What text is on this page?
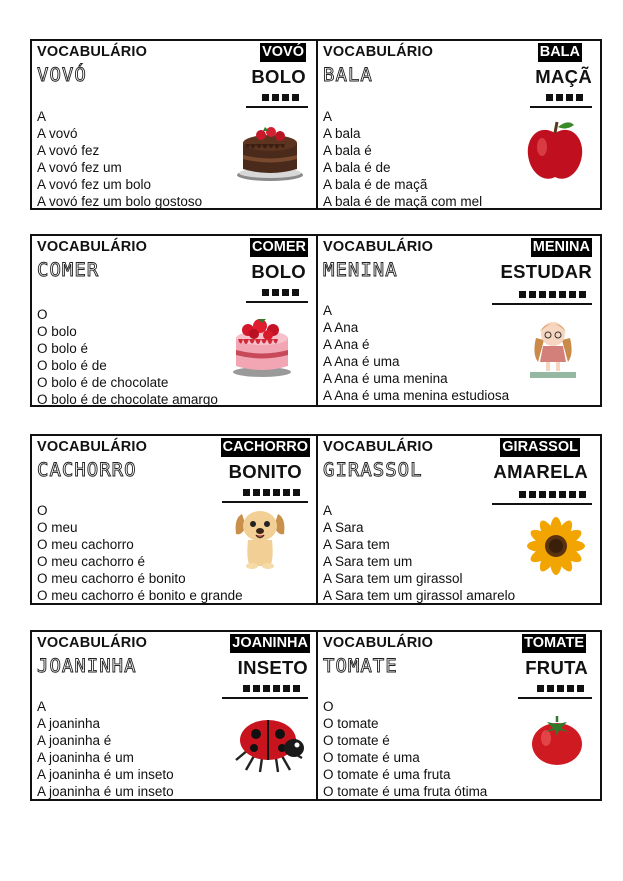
VOCABULÁRIO	VOVÓ
VOVÓ	BOLO
A
A vovó
A vovó fez
A vovó fez um
A vovó fez um bolo
A vovó fez um bolo gostoso
VOCABULÁRIO	BALA
BALA	MAÇÃ
A
A bala
A bala é
A bala é de
A bala é de maçã
A bala é de maçã com mel
VOCABULÁRIO	COMER
COMER	BOLO
O
O bolo
O bolo é
O bolo é de
O bolo é de chocolate
O bolo é de chocolate amargo
VOCABULÁRIO	MENINA
MENINA	ESTUDAR
A
A Ana
A Ana é
A Ana é uma
A Ana é uma menina
A Ana é uma menina estudiosa
VOCABULÁRIO	CACHORRO
CACHORRO	BONITO
O
O meu
O meu cachorro
O meu cachorro é
O meu cachorro é bonito
O meu cachorro é bonito e grande
VOCABULÁRIO	GIRASSOL
GIRASSOL	AMARELA
A
A Sara
A Sara tem
A Sara tem um
A Sara tem um girassol
A Sara tem um girassol amarelo
VOCABULÁRIO	JOANINHA
JOANINHA	INSETO
A
A joaninha
A joaninha é
A joaninha é um
A joaninha é um inseto
A joaninha é um inseto
VOCABULÁRIO	TOMATE
TOMATE	FRUTA
O
O tomate
O tomate é
O tomate é uma
O tomate é uma fruta
O tomate é uma fruta ótima
